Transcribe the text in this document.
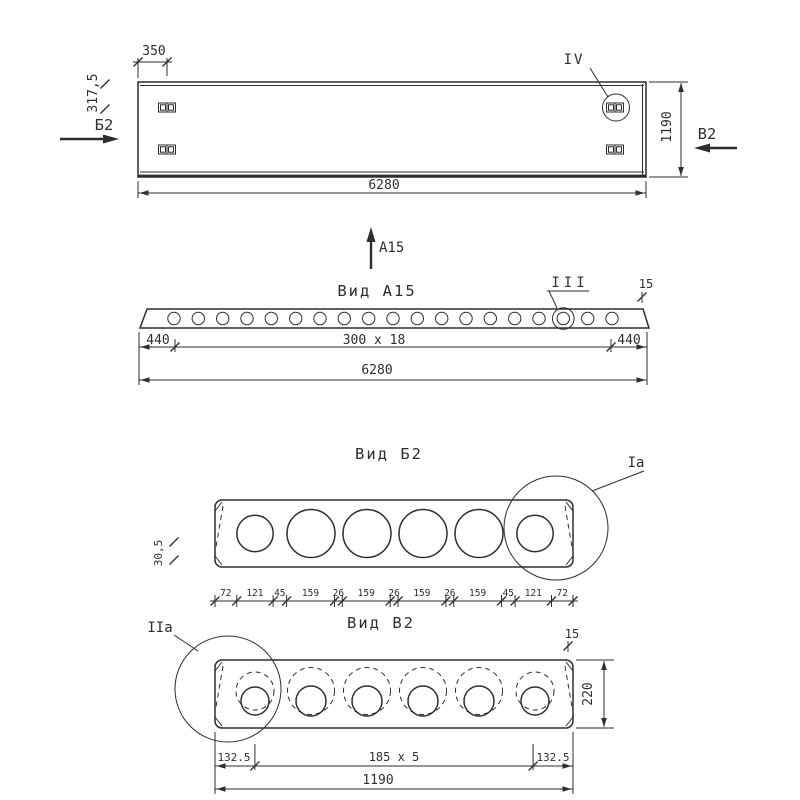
IV
350
317,5
Б2	В2
1190
6280
A15
Вид A15	III	15
440	300 x 18	440
6280
Вид Б2	Ia
30,5
72 121 45 159 26 159 26 159 26 159 45 121 72
Вид В2
IIa	15
220
132.5	185 x 5	132.5
1190
